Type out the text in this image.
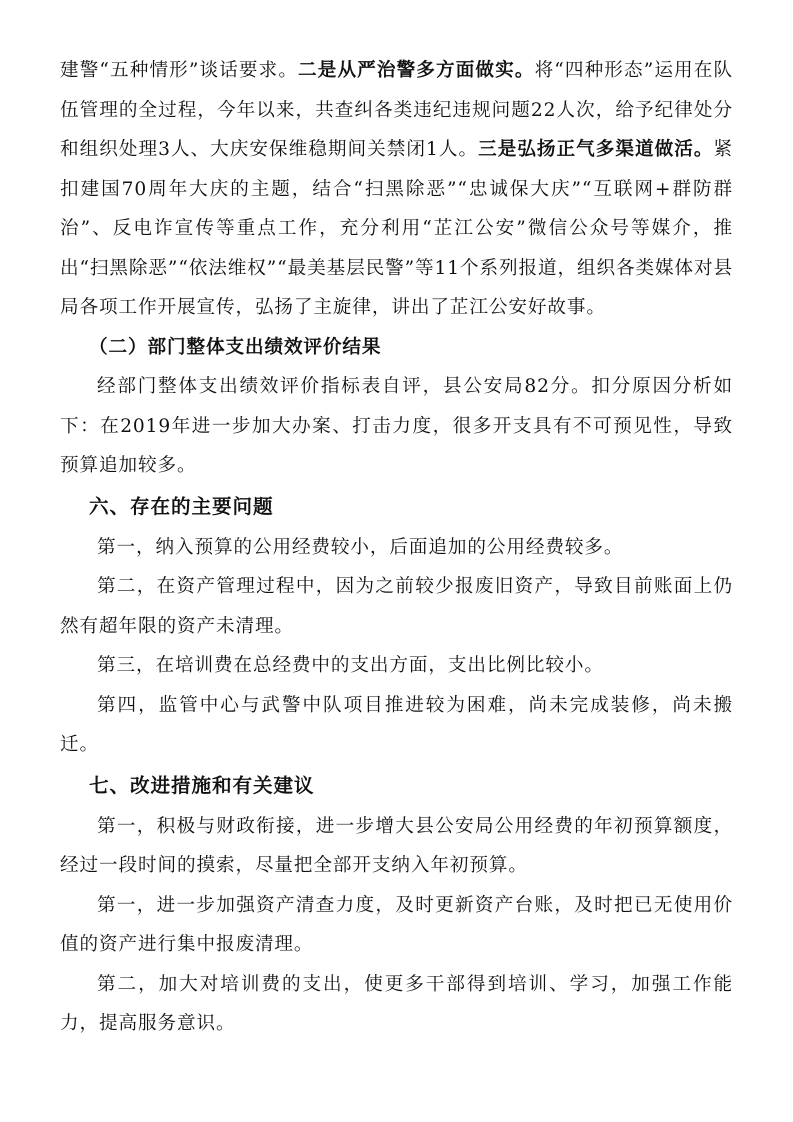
建警“五种情形”谈话要求。二是从严治警多方面做实。将“四种形态”运用在队伍管理的全过程，今年以来，共查纠各类违纪违规问题22人次，给予纪律处分和组织处理3人、大庆安保维稳期间关禁闭1人。三是弘扬正气多渠道做活。紧扣建国70周年大庆的主题，结合“扫黑除恶”“忠诚保大庆”“互联网+群防群治”、反电诈宣传等重点工作，充分利用“芷江公安”微信公众号等媒介，推出“扫黑除恶”“依法维权”“最美基层民警”等11个系列报道，组织各类媒体对县局各项工作开展宣传，弘扬了主旋律，讲出了芷江公安好故事。

（二）部门整体支出绩效评价结果

经部门整体支出绩效评价指标表自评，县公安局82分。扣分原因分析如下：在2019年进一步加大办案、打击力度，很多开支具有不可预见性，导致预算追加较多。

六、存在的主要问题

第一，纳入预算的公用经费较小，后面追加的公用经费较多。

第二，在资产管理过程中，因为之前较少报废旧资产，导致目前账面上仍然有超年限的资产未清理。

第三，在培训费在总经费中的支出方面，支出比例比较小。

第四，监管中心与武警中队项目推进较为困难，尚未完成装修，尚未搬迁。

七、改进措施和有关建议

第一，积极与财政衔接，进一步增大县公安局公用经费的年初预算额度，经过一段时间的摸索，尽量把全部开支纳入年初预算。

第一，进一步加强资产清查力度，及时更新资产台账，及时把已无使用价值的资产进行集中报废清理。

第二，加大对培训费的支出，使更多干部得到培训、学习，加强工作能力，提高服务意识。
